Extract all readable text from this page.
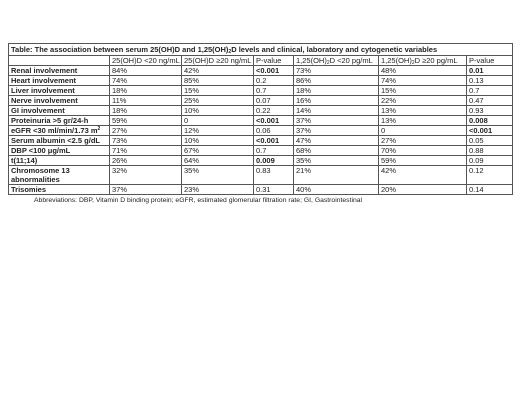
Table: The association between serum 25(OH)D and $1,25(OH)_2D$ levels and clinical, laboratory and cytogenetic variables						
	25(OH)D <20 ng/mL	25(OH)D ≥20 ng/mL	P-value	$1,25(OH)_2D <20$ pg/mL	$1,25(OH)_2D \ge 20$ pg/mL	P-value
Renal involvement	84%	42%	<0.001	73%	48%	0.01
Heart involvement	74%	85%	0.2	86%	74%	0.13
Liver involvement	18%	15%	0.7	18%	15%	0.7
Nerve involvement	11%	25%	0.07	16%	22%	0.47
GI involvement	18%	10%	0.22	14%	13%	0.93
Proteinuria >5 gr/24-h	59%	0	<0.001	37%	13%	0.008
eGFR <30 ml/min/1.73 $m^2$	27%	12%	0.06	37%	0	<0.001
Serum albumin <2.5 g/dL	73%	10%	<0.001	47%	27%	0.05
DBP <100 μg/mL	71%	67%	0.7	68%	70%	0.88
t(11;14)	26%	64%	0.009	35%	59%	0.09
Chromosome 13 abnormalities	32%	35%	0.83	21%	42%	0.12
Trisomies	37%	23%	0.31	40%	20%	0.14
Abbreviations: DBP, Vitamin D binding protein; eGFR, estimated glomerular filtration rate; GI, Gastrointestinal
